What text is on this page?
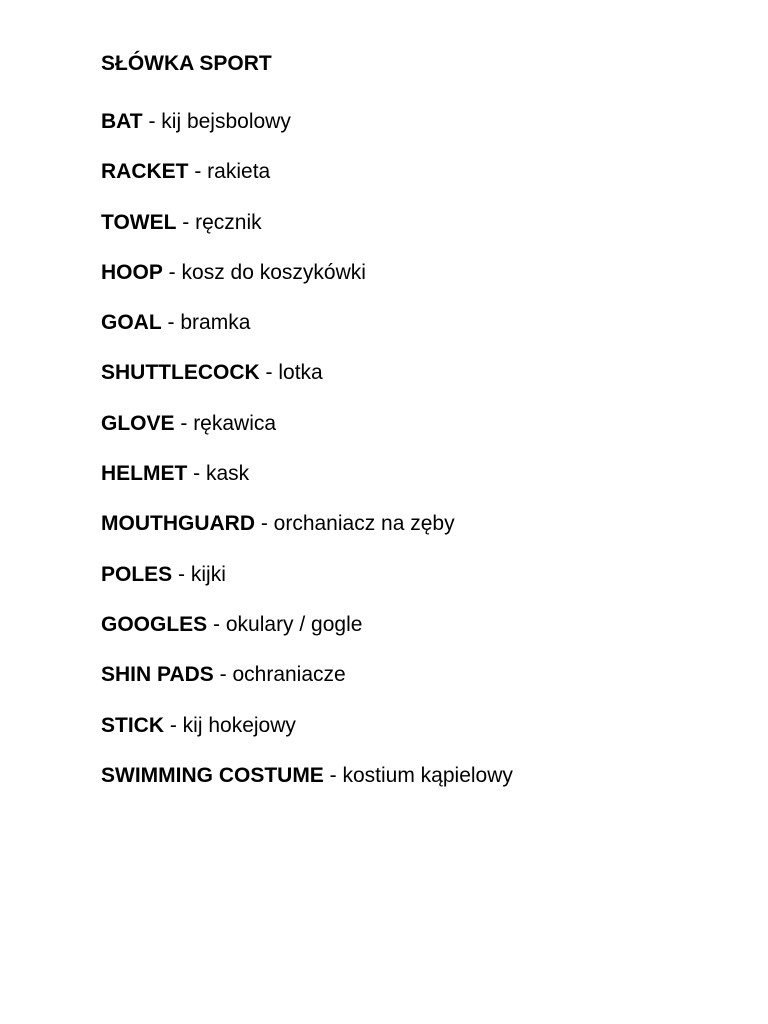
SŁÓWKA SPORT
BAT - kij bejsbolowy
RACKET - rakieta
TOWEL - ręcznik
HOOP - kosz do koszykówki
GOAL - bramka
SHUTTLECOCK - lotka
GLOVE - rękawica
HELMET - kask
MOUTHGUARD - orchaniacz na zęby
POLES - kijki
GOOGLES - okulary / gogle
SHIN PADS - ochraniacze
STICK - kij hokejowy
SWIMMING COSTUME - kostium kąpielowy
